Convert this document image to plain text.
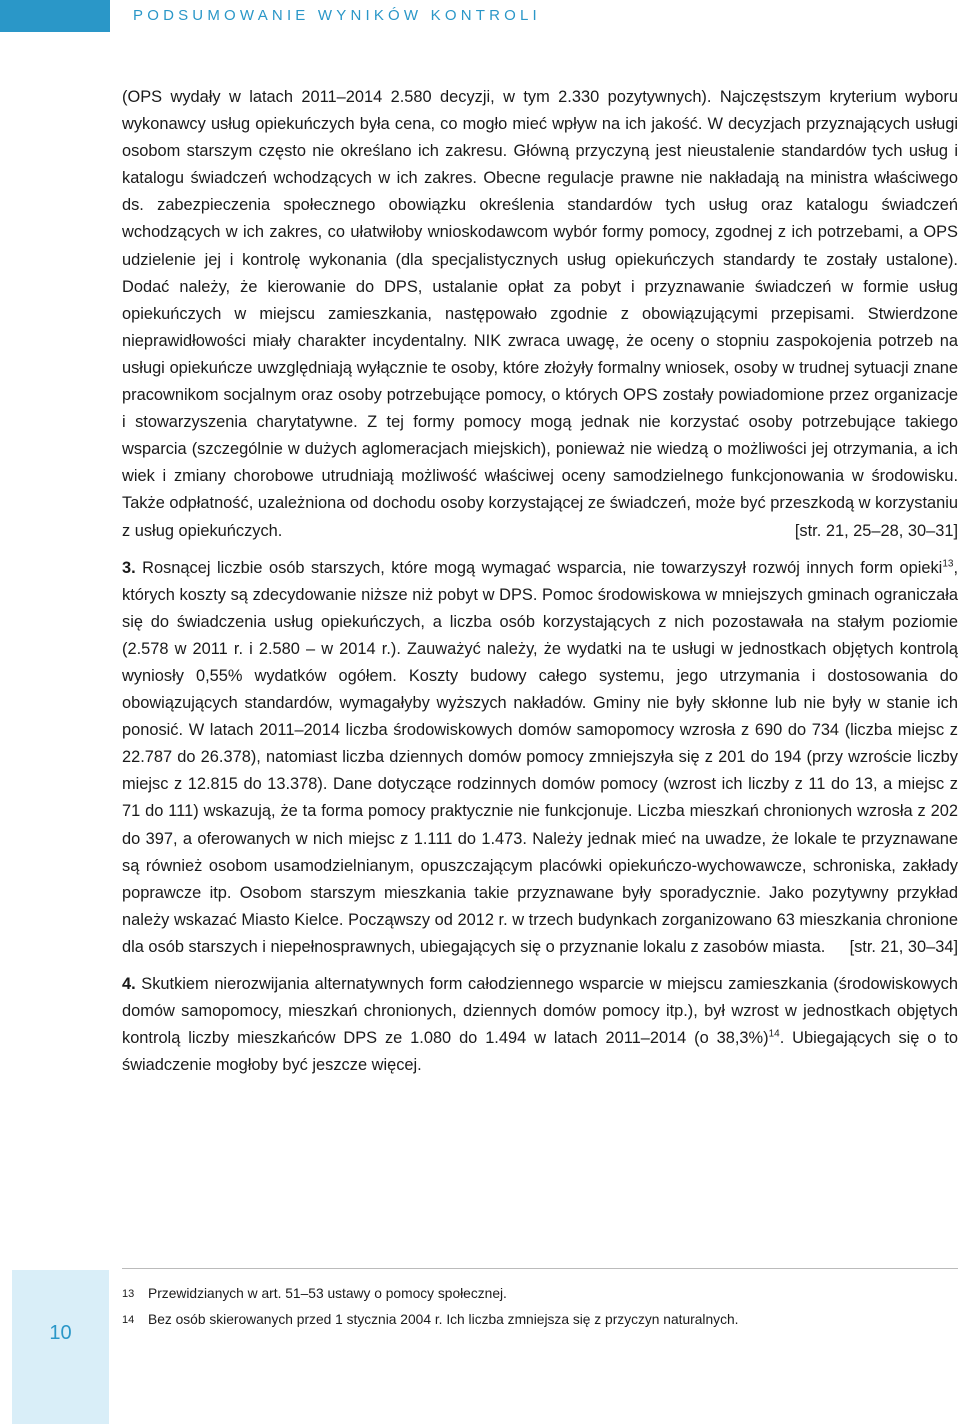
PODSUMOWANIE WYNIKÓW KONTROLI

(OPS wydały w latach 2011–2014 2.580 decyzji, w tym 2.330 pozytywnych). Najczęstszym kryterium wyboru wykonawcy usług opiekuńczych była cena, co mogło mieć wpływ na ich jakość. W decyzjach przyznających usługi osobom starszym często nie określano ich zakresu. Główną przyczyną jest nieustalenie standardów tych usług i katalogu świadczeń wchodzących w ich zakres. Obecne regulacje prawne nie nakładają na ministra właściwego ds. zabezpieczenia społecznego obowiązku określenia standardów tych usług oraz katalogu świadczeń wchodzących w ich zakres, co ułatwiłoby wnioskodawcom wybór formy pomocy, zgodnej z ich potrzebami, a OPS udzielenie jej i kontrolę wykonania (dla specjalistycznych usług opiekuńczych standardy te zostały ustalone). Dodać należy, że kierowanie do DPS, ustalanie opłat za pobyt i przyznawanie świadczeń w formie usług opiekuńczych w miejscu zamieszkania, następowało zgodnie z obowiązującymi przepisami. Stwierdzone nieprawidłowości miały charakter incydentalny. NIK zwraca uwagę, że oceny o stopniu zaspokojenia potrzeb na usługi opiekuńcze uwzględniają wyłącznie te osoby, które złożyły formalny wniosek, osoby w trudnej sytuacji znane pracownikom socjalnym oraz osoby potrzebujące pomocy, o których OPS zostały powiadomione przez organizacje i stowarzyszenia charytatywne. Z tej formy pomocy mogą jednak nie korzystać osoby potrzebujące takiego wsparcia (szczególnie w dużych aglomeracjach miejskich), ponieważ nie wiedzą o możliwości jej otrzymania, a ich wiek i zmiany chorobowe utrudniają możliwość właściwej oceny samodzielnego funkcjonowania w środowisku. Także odpłatność, uzależniona od dochodu osoby korzystającej ze świadczeń, może być przeszkodą w korzystaniu z usług opiekuńczych.	[str. 21, 25–28, 30–31]

3. Rosnącej liczbie osób starszych, które mogą wymagać wsparcia, nie towarzyszył rozwój innych form opieki$^{13}$, których koszty są zdecydowanie niższe niż pobyt w DPS. Pomoc środowiskowa w mniejszych gminach ograniczała się do świadczenia usług opiekuńczych, a liczba osób korzystających z nich pozostawała na stałym poziomie (2.578 w 2011 r. i 2.580 – w 2014 r.). Zauważyć należy, że wydatki na te usługi w jednostkach objętych kontrolą wyniosły 0,55% wydatków ogółem. Koszty budowy całego systemu, jego utrzymania i dostosowania do obowiązujących standardów, wymagałyby wyższych nakładów. Gminy nie były skłonne lub nie były w stanie ich ponosić. W latach 2011–2014 liczba środowiskowych domów samopomocy wzrosła z 690 do 734 (liczba miejsc z 22.787 do 26.378), natomiast liczba dziennych domów pomocy zmniejszyła się z 201 do 194 (przy wzroście liczby miejsc z 12.815 do 13.378). Dane dotyczące rodzinnych domów pomocy (wzrost ich liczby z 11 do 13, a miejsc z 71 do 111) wskazują, że ta forma pomocy praktycznie nie funkcjonuje. Liczba mieszkań chronionych wzrosła z 202 do 397, a oferowanych w nich miejsc z 1.111 do 1.473. Należy jednak mieć na uwadze, że lokale te przyznawane są również osobom usamodzielnianym, opuszczającym placówki opiekuńczo-wychowawcze, schroniska, zakłady poprawcze itp. Osobom starszym mieszkania takie przyznawane były sporadycznie. Jako pozytywny przykład należy wskazać Miasto Kielce. Począwszy od 2012 r. w trzech budynkach zorganizowano 63 mieszkania chronione dla osób starszych i niepełnosprawnych, ubiegających się o przyznanie lokalu z zasobów miasta. [str. 21, 30–34]

4. Skutkiem nierozwijania alternatywnych form całodziennego wsparcie w miejscu zamieszkania (środowiskowych domów samopomocy, mieszkań chronionych, dziennych domów pomocy itp.), był wzrost w jednostkach objętych kontrolą liczby mieszkańców DPS ze 1.080 do 1.494 w latach 2011–2014 (o 38,3%)$^{14}$. Ubiegających się o to świadczenie mogłoby być jeszcze więcej.

10
13 Przewidzianych w art. 51–53 ustawy o pomocy społecznej.
14 Bez osób skierowanych przed 1 stycznia 2004 r. Ich liczba zmniejsza się z przyczyn naturalnych.
